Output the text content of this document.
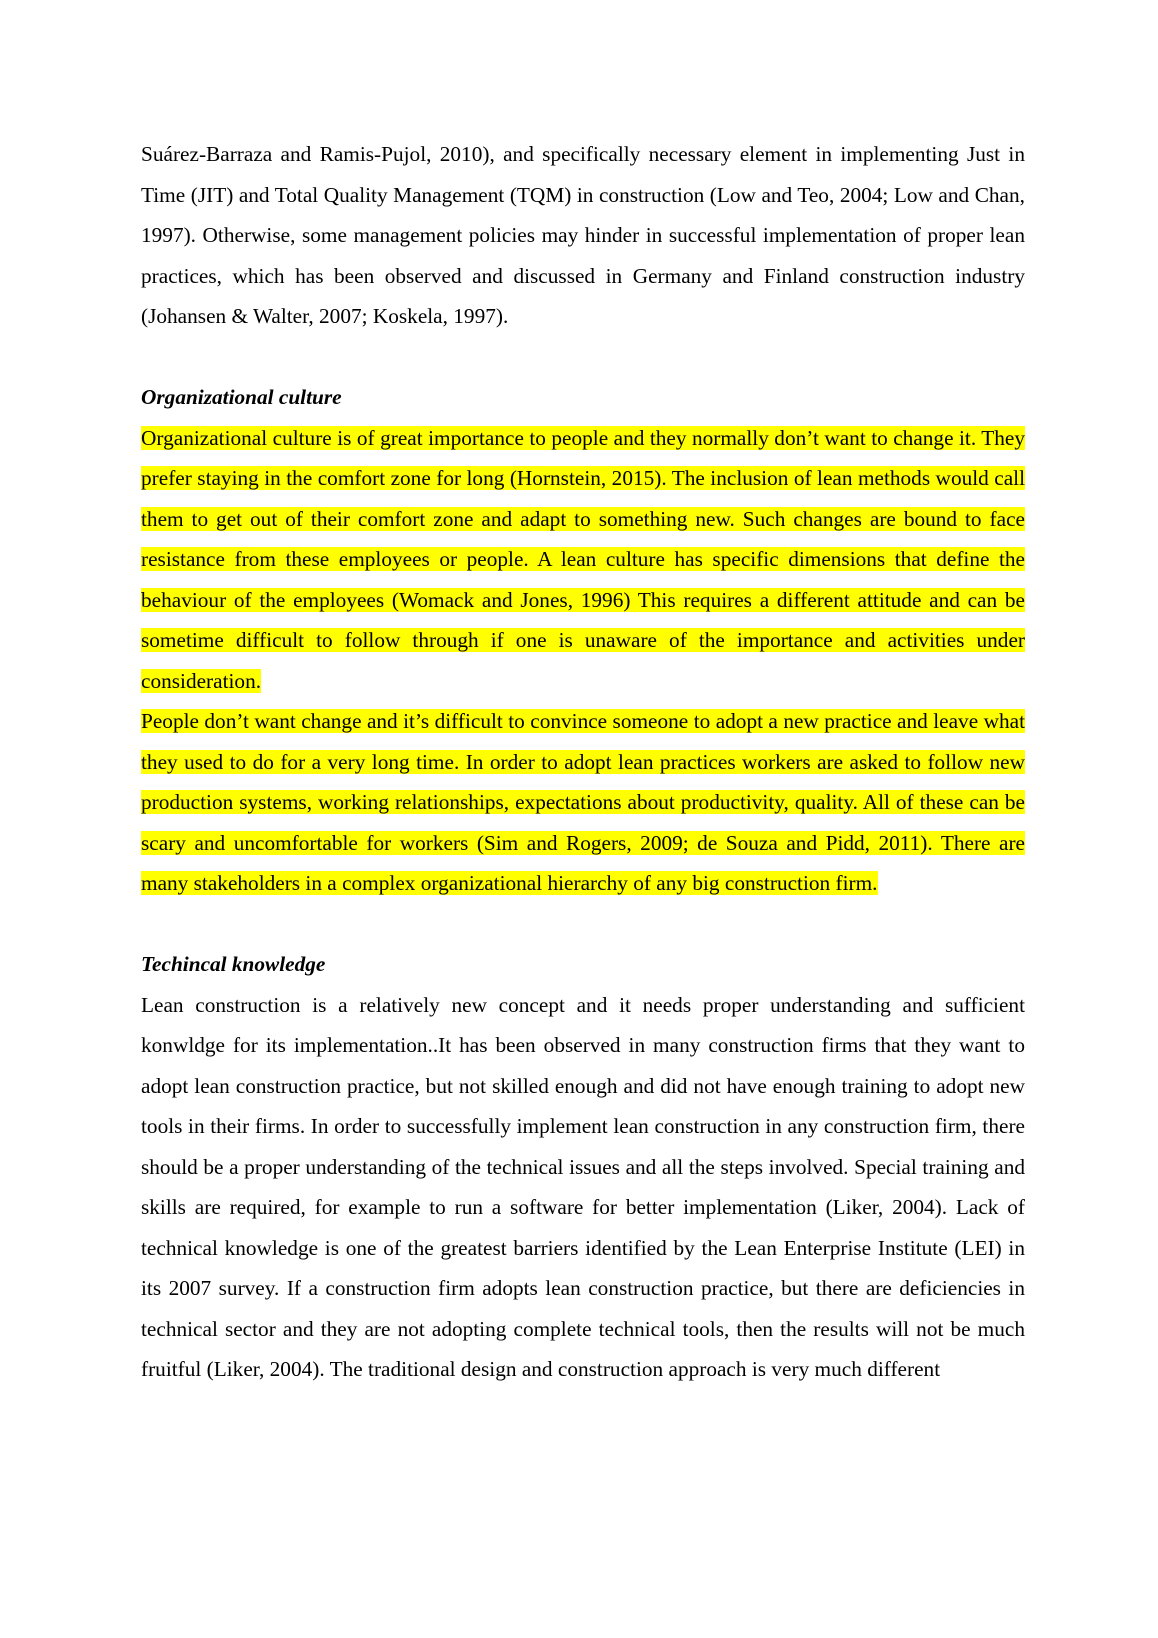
Suárez-Barraza and Ramis-Pujol, 2010), and specifically necessary element in implementing Just in Time (JIT) and Total Quality Management (TQM) in construction (Low and Teo, 2004; Low and Chan, 1997). Otherwise, some management policies may hinder in successful implementation of proper lean practices, which has been observed and discussed in Germany and Finland construction industry (Johansen & Walter, 2007; Koskela, 1997).

Organizational culture

Organizational culture is of great importance to people and they normally don’t want to change it. They prefer staying in the comfort zone for long (Hornstein, 2015). The inclusion of lean methods would call them to get out of their comfort zone and adapt to something new. Such changes are bound to face resistance from these employees or people. A lean culture has specific dimensions that define the behaviour of the employees (Womack and Jones, 1996) This requires a different attitude and can be sometime difficult to follow through if one is unaware of the importance and activities under consideration.

People don’t want change and it’s difficult to convince someone to adopt a new practice and leave what they used to do for a very long time. In order to adopt lean practices workers are asked to follow new production systems, working relationships, expectations about productivity, quality. All of these can be scary and uncomfortable for workers (Sim and Rogers, 2009; de Souza and Pidd, 2011). There are many stakeholders in a complex organizational hierarchy of any big construction firm.

Techincal knowledge

Lean construction is a relatively new concept and it needs proper understanding and sufficient konwldge for its implementation..It has been observed in many construction firms that they want to adopt lean construction practice, but not skilled enough and did not have enough training to adopt new tools in their firms. In order to successfully implement lean construction in any construction firm, there should be a proper understanding of the technical issues and all the steps involved. Special training and skills are required, for example to run a software for better implementation (Liker, 2004). Lack of technical knowledge is one of the greatest barriers identified by the Lean Enterprise Institute (LEI) in its 2007 survey. If a construction firm adopts lean construction practice, but there are deficiencies in technical sector and they are not adopting complete technical tools, then the results will not be much fruitful (Liker, 2004). The traditional design and construction approach is very much different
